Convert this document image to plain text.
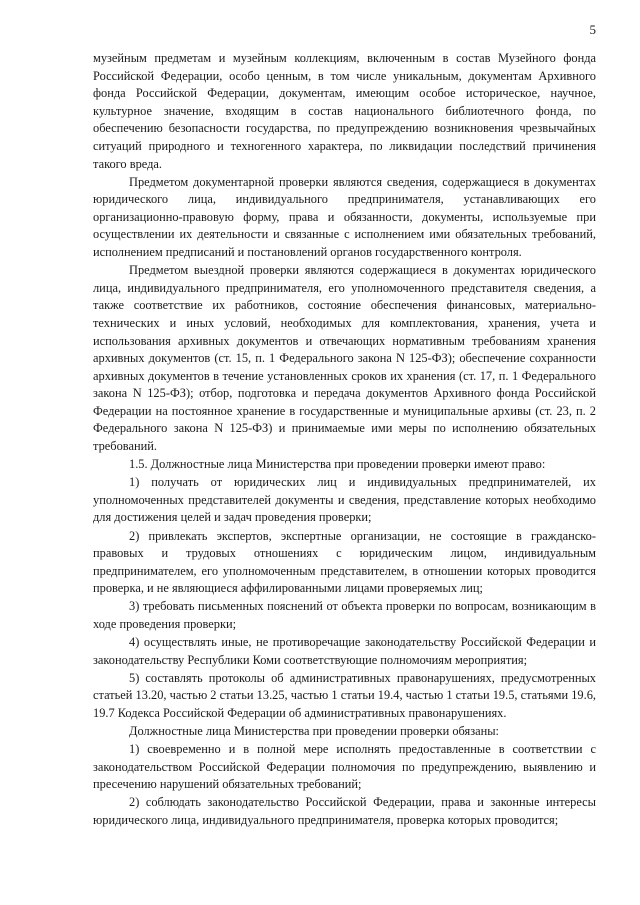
5

музейным предметам и музейным коллекциям, включенным в состав Музейного фонда Российской Федерации, особо ценным, в том числе уникальным, документам Архивного фонда Российской Федерации, документам, имеющим особое историческое, научное, культурное значение, входящим в состав национального библиотечного фонда, по обеспечению безопасности государства, по предупреждению возникновения чрезвычайных ситуаций природного и техногенного характера, по ликвидации последствий причинения такого вреда.

Предметом документарной проверки являются сведения, содержащиеся в документах юридического лица, индивидуального предпринимателя, устанавливающих его организационно-правовую форму, права и обязанности, документы, используемые при осуществлении их деятельности и связанные с исполнением ими обязательных требований, исполнением предписаний и постановлений органов государственного контроля.

Предметом выездной проверки являются содержащиеся в документах юридического лица, индивидуального предпринимателя, его уполномоченного представителя сведения, а также соответствие их работников, состояние обеспечения финансовых, материально-технических и иных условий, необходимых для комплектования, хранения, учета и использования архивных документов и отвечающих нормативным требованиям хранения архивных документов (ст. 15, п. 1 Федерального закона N 125-ФЗ); обеспечение сохранности архивных документов в течение установленных сроков их хранения (ст. 17, п. 1 Федерального закона N 125-ФЗ); отбор, подготовка и передача документов Архивного фонда Российской Федерации на постоянное хранение в государственные и муниципальные архивы (ст. 23, п. 2 Федерального закона N 125-ФЗ) и принимаемые ими меры по исполнению обязательных требований.

1.5. Должностные лица Министерства при проведении проверки имеют право:

1) получать от юридических лиц и индивидуальных предпринимателей, их уполномоченных представителей документы и сведения, представление которых необходимо для достижения целей и задач проведения проверки;

2) привлекать экспертов, экспертные организации, не состоящие в гражданско-правовых и трудовых отношениях с юридическим лицом, индивидуальным предпринимателем, его уполномоченным представителем, в отношении которых проводится проверка, и не являющиеся аффилированными лицами проверяемых лиц;

3) требовать письменных пояснений от объекта проверки по вопросам, возникающим в ходе проведения проверки;

4) осуществлять иные, не противоречащие законодательству Российской Федерации и законодательству Республики Коми соответствующие полномочиям мероприятия;

5) составлять протоколы об административных правонарушениях, предусмотренных статьей 13.20, частью 2 статьи 13.25, частью 1 статьи 19.4, частью 1 статьи 19.5, статьями 19.6, 19.7 Кодекса Российской Федерации об административных правонарушениях.

Должностные лица Министерства при проведении проверки обязаны:

1) своевременно и в полной мере исполнять предоставленные в соответствии с законодательством Российской Федерации полномочия по предупреждению, выявлению и пресечению нарушений обязательных требований;

2) соблюдать законодательство Российской Федерации, права и законные интересы юридического лица, индивидуального предпринимателя, проверка которых проводится;
